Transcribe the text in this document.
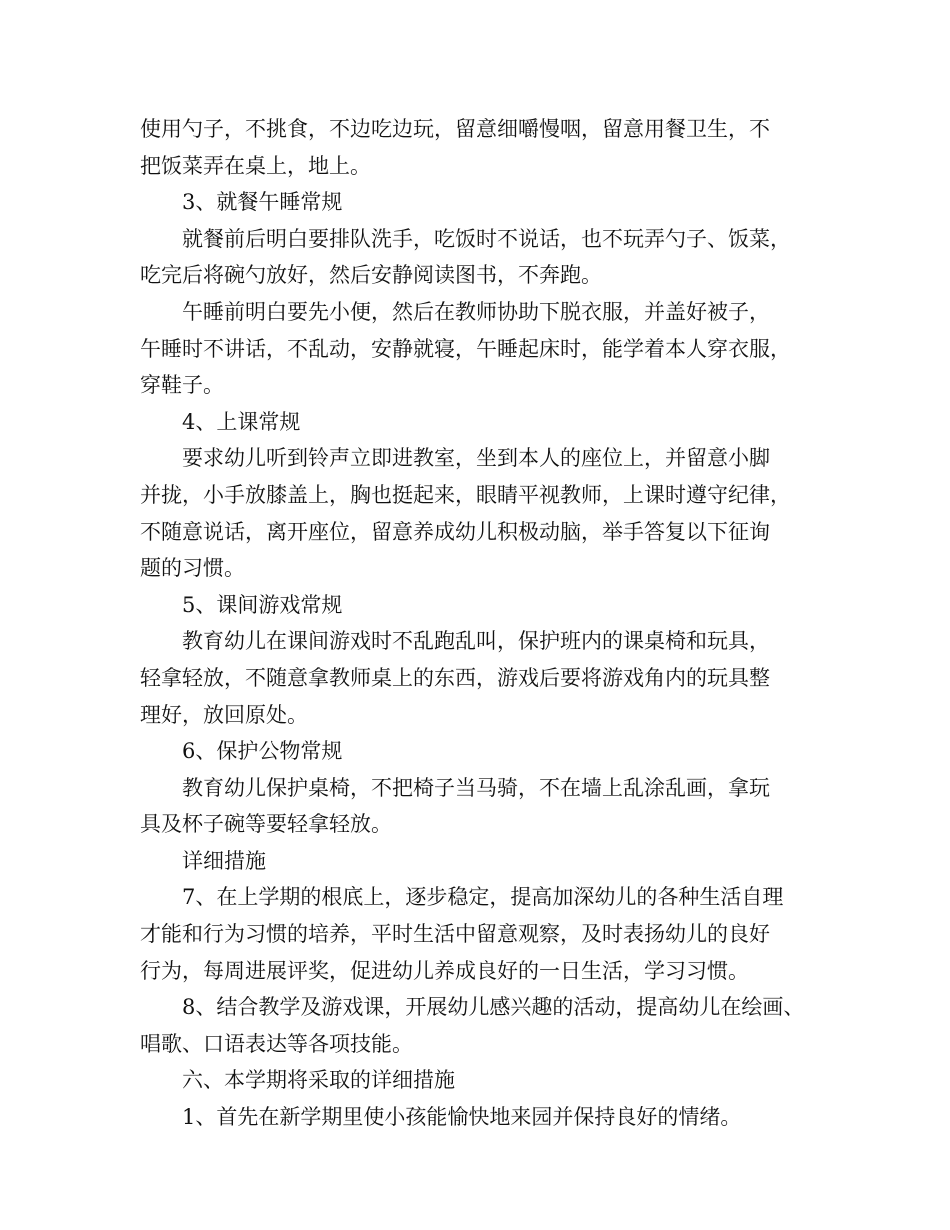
使用勺子，不挑食，不边吃边玩，留意细嚼慢咽，留意用餐卫生，不
把饭菜弄在桌上，地上。
3、就餐午睡常规
就餐前后明白要排队洗手，吃饭时不说话，也不玩弄勺子、饭菜，
吃完后将碗勺放好，然后安静阅读图书，不奔跑。
午睡前明白要先小便，然后在教师协助下脱衣服，并盖好被子，
午睡时不讲话，不乱动，安静就寝，午睡起床时，能学着本人穿衣服，
穿鞋子。
4、上课常规
要求幼儿听到铃声立即进教室，坐到本人的座位上，并留意小脚
并拢，小手放膝盖上，胸也挺起来，眼睛平视教师，上课时遵守纪律，
不随意说话，离开座位，留意养成幼儿积极动脑，举手答复以下征询
题的习惯。
5、课间游戏常规
教育幼儿在课间游戏时不乱跑乱叫，保护班内的课桌椅和玩具，
轻拿轻放，不随意拿教师桌上的东西，游戏后要将游戏角内的玩具整
理好，放回原处。
6、保护公物常规
教育幼儿保护桌椅，不把椅子当马骑，不在墙上乱涂乱画，拿玩
具及杯子碗等要轻拿轻放。
详细措施
7、在上学期的根底上，逐步稳定，提高加深幼儿的各种生活自理
才能和行为习惯的培养，平时生活中留意观察，及时表扬幼儿的良好
行为，每周进展评奖，促进幼儿养成良好的一日生活，学习习惯。
8、结合教学及游戏课，开展幼儿感兴趣的活动，提高幼儿在绘画、
唱歌、口语表达等各项技能。
六、本学期将采取的详细措施
1、首先在新学期里使小孩能愉快地来园并保持良好的情绪。
